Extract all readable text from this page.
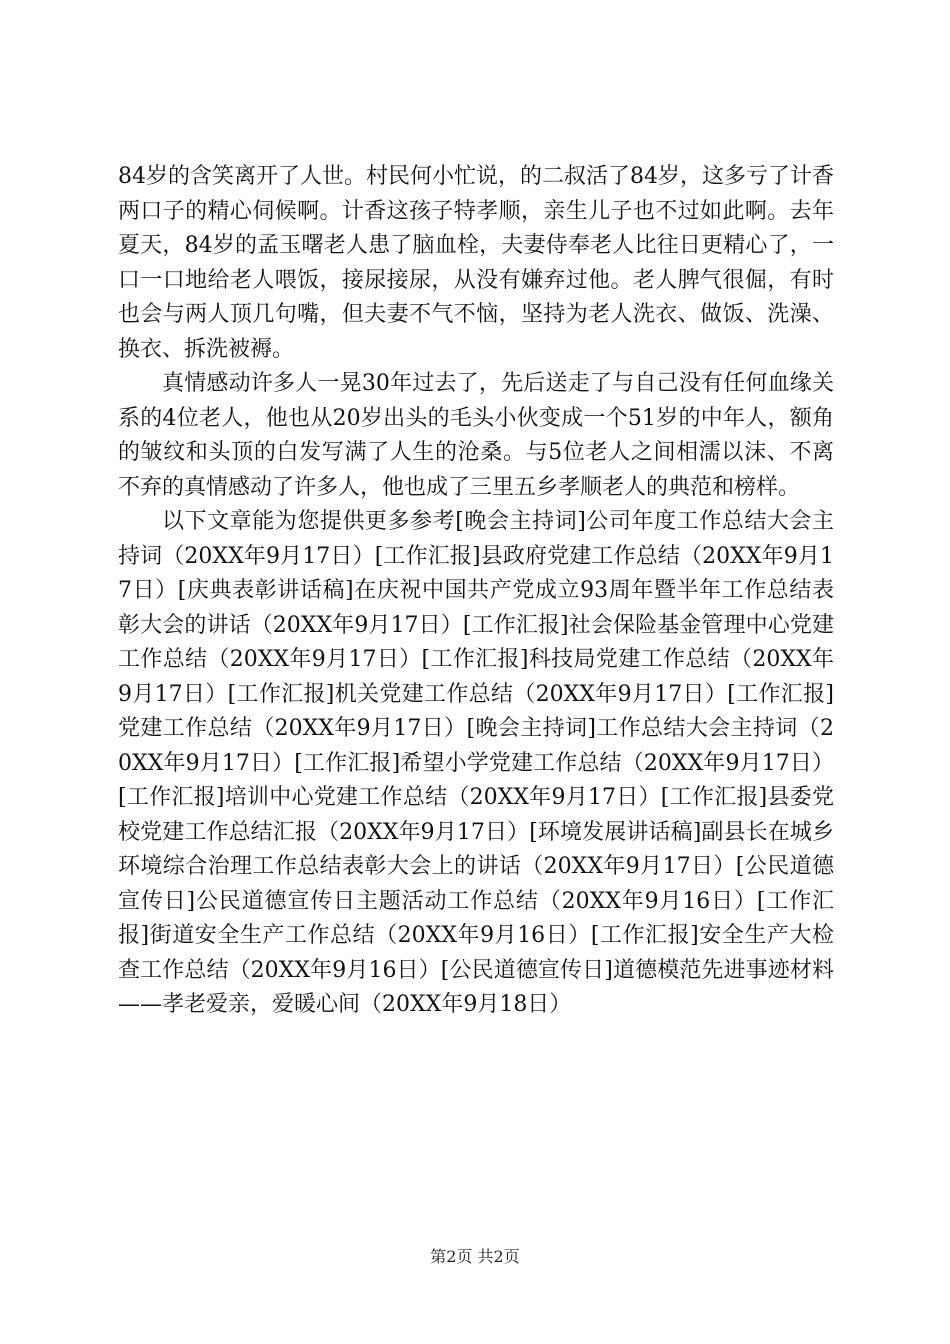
84岁的含笑离开了人世。村民何小忙说，的二叔活了84岁，这多亏了计香两口子的精心伺候啊。计香这孩子特孝顺，亲生儿子也不过如此啊。去年夏天，84岁的孟玉曙老人患了脑血栓，夫妻侍奉老人比往日更精心了，一口一口地给老人喂饭，接尿接尿，从没有嫌弃过他。老人脾气很倔，有时也会与两人顶几句嘴，但夫妻不气不恼，坚持为老人洗衣、做饭、洗澡、换衣、拆洗被褥。

真情感动许多人一晃30年过去了，先后送走了与自己没有任何血缘关系的4位老人，他也从20岁出头的毛头小伙变成一个51岁的中年人，额角的皱纹和头顶的白发写满了人生的沧桑。与5位老人之间相濡以沫、不离不弃的真情感动了许多人，他也成了三里五乡孝顺老人的典范和榜样。

以下文章能为您提供更多参考[晚会主持词]公司年度工作总结大会主持词（20XX年9月17日）[工作汇报]县政府党建工作总结（20XX年9月17日）[庆典表彰讲话稿]在庆祝中国共产党成立93周年暨半年工作总结表彰大会的讲话（20XX年9月17日）[工作汇报]社会保险基金管理中心党建工作总结（20XX年9月17日）[工作汇报]科技局党建工作总结（20XX年9月17日）[工作汇报]机关党建工作总结（20XX年9月17日）[工作汇报]党建工作总结（20XX年9月17日）[晚会主持词]工作总结大会主持词（20XX年9月17日）[工作汇报]希望小学党建工作总结（20XX年9月17日）[工作汇报]培训中心党建工作总结（20XX年9月17日）[工作汇报]县委党校党建工作总结汇报（20XX年9月17日）[环境发展讲话稿]副县长在城乡环境综合治理工作总结表彰大会上的讲话（20XX年9月17日）[公民道德宣传日]公民道德宣传日主题活动工作总结（20XX年9月16日）[工作汇报]街道安全生产工作总结（20XX年9月16日）[工作汇报]安全生产大检查工作总结（20XX年9月16日）[公民道德宣传日]道德模范先进事迹材料——孝老爱亲，爱暖心间（20XX年9月18日）

第2页 共2页
